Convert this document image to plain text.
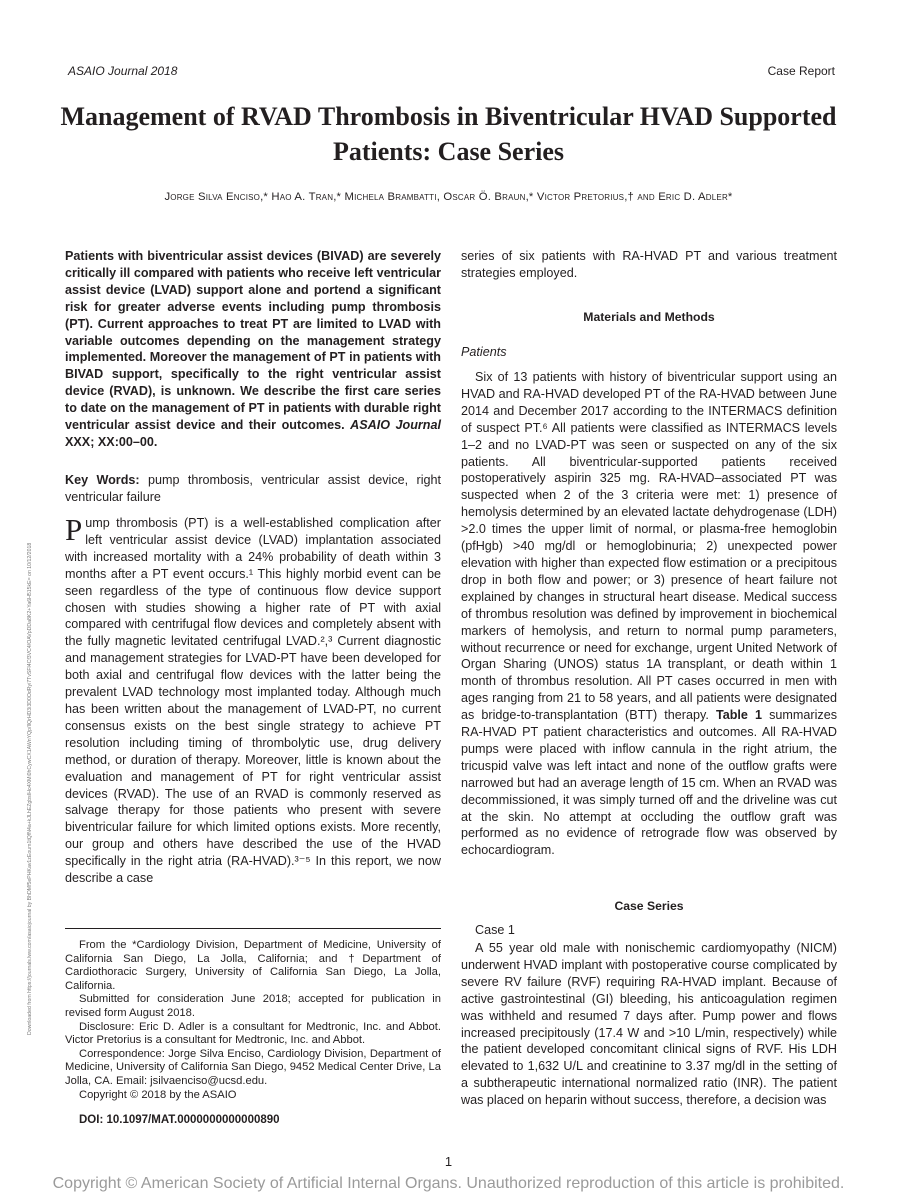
ASAIO Journal 2018	Case Report
Management of RVAD Thrombosis in Biventricular HVAD Supported Patients: Case Series
Jorge Silva Enciso,* Hao A. Tran,* Michela Brambatti, Oscar Ö. Braun,* Victor Pretorius,† and Eric D. Adler*
Downloaded from https://journals.lww.com/asaiojournal by BhDMf5ePHKav1zEoum1tQfN4a+kJLhEZgbsIHo4XMi0hCywCX1AWnYQp/IlQrHD3i3D0OdRyi7TvSFl4Cf3VC4/OAVpDDa8K2+Ya6H515kE= on 10/12/2018
Patients with biventricular assist devices (BIVAD) are severely critically ill compared with patients who receive left ventricular assist device (LVAD) support alone and portend a significant risk for greater adverse events including pump thrombosis (PT). Current approaches to treat PT are limited to LVAD with variable outcomes depending on the management strategy implemented. Moreover the management of PT in patients with BIVAD support, specifically to the right ventricular assist device (RVAD), is unknown. We describe the first care series to date on the management of PT in patients with durable right ventricular assist device and their outcomes. ASAIO Journal XXX; XX:00–00.
Key Words: pump thrombosis, ventricular assist device, right ventricular failure
Pump thrombosis (PT) is a well-established complication after left ventricular assist device (LVAD) implantation associated with increased mortality with a 24% probability of death within 3 months after a PT event occurs.¹ This highly morbid event can be seen regardless of the type of continuous flow device support chosen with studies showing a higher rate of PT with axial compared with centrifugal flow devices and completely absent with the fully magnetic levitated centrifugal LVAD.²,³ Current diagnostic and management strategies for LVAD-PT have been developed for both axial and centrifugal flow devices with the latter being the prevalent LVAD technology most implanted today. Although much has been written about the management of LVAD-PT, no current consensus exists on the best single strategy to achieve PT resolution including timing of thrombolytic use, drug delivery method, or duration of therapy. Moreover, little is known about the evaluation and management of PT for right ventricular assist devices (RVAD). The use of an RVAD is commonly reserved as salvage therapy for those patients who present with severe biventricular failure for which limited options exists. More recently, our group and others have described the use of the HVAD specifically in the right atria (RA-HVAD).³⁻⁵ In this report, we now describe a case

From the *Cardiology Division, Department of Medicine, University of California San Diego, La Jolla, California; and †Department of Cardiothoracic Surgery, University of California San Diego, La Jolla, California.

Submitted for consideration June 2018; accepted for publication in revised form August 2018.

Disclosure: Eric D. Adler is a consultant for Medtronic, Inc. and Abbot. Victor Pretorius is a consultant for Medtronic, Inc. and Abbot.

Correspondence: Jorge Silva Enciso, Cardiology Division, Department of Medicine, University of California San Diego, 9452 Medical Center Drive, La Jolla, CA. Email: jsilvaenciso@ucsd.edu.

Copyright © 2018 by the ASAIO

DOI: 10.1097/MAT.0000000000000890
series of six patients with RA-HVAD PT and various treatment strategies employed.
Materials and Methods
Patients

Six of 13 patients with history of biventricular support using an HVAD and RA-HVAD developed PT of the RA-HVAD between June 2014 and December 2017 according to the INTERMACS definition of suspect PT.⁶ All patients were classified as INTERMACS levels 1–2 and no LVAD-PT was seen or suspected on any of the six patients. All biventricular-supported patients received postoperatively aspirin 325 mg. RA-HVAD–associated PT was suspected when 2 of the 3 criteria were met: 1) presence of hemolysis determined by an elevated lactate dehydrogenase (LDH) >2.0 times the upper limit of normal, or plasma-free hemoglobin (pfHgb) >40 mg/dl or hemoglobinuria; 2) unexpected power elevation with higher than expected flow estimation or a precipitous drop in both flow and power; or 3) presence of heart failure not explained by changes in structural heart disease. Medical success of thrombus resolution was defined by improvement in biochemical markers of hemolysis, and return to normal pump parameters, without recurrence or need for exchange, urgent United Network of Organ Sharing (UNOS) status 1A transplant, or death within 1 month of thrombus resolution. All PT cases occurred in men with ages ranging from 21 to 58 years, and all patients were designated as bridge-to-transplantation (BTT) therapy. Table 1 summarizes RA-HVAD PT patient characteristics and outcomes. All RA-HVAD pumps were placed with inflow cannula in the right atrium, the tricuspid valve was left intact and none of the outflow grafts were narrowed but had an average length of 15 cm. When an RVAD was decommissioned, it was simply turned off and the driveline was cut at the skin. No attempt at occluding the outflow graft was performed as no evidence of retrograde flow was observed by echocardiogram.

Case Series
Case 1

A 55 year old male with nonischemic cardiomyopathy (NICM) underwent HVAD implant with postoperative course complicated by severe RV failure (RVF) requiring RA-HVAD implant. Because of active gastrointestinal (GI) bleeding, his anticoagulation regimen was withheld and resumed 7 days after. Pump power and flows increased precipitously (17.4 W and >10 L/min, respectively) while the patient developed concomitant clinical signs of RVF. His LDH elevated to 1,632 U/L and creatinine to 3.37 mg/dl in the setting of a subtherapeutic international normalized ratio (INR). The patient was placed on heparin without success, therefore, a decision was

1
Copyright © American Society of Artificial Internal Organs. Unauthorized reproduction of this article is prohibited.
